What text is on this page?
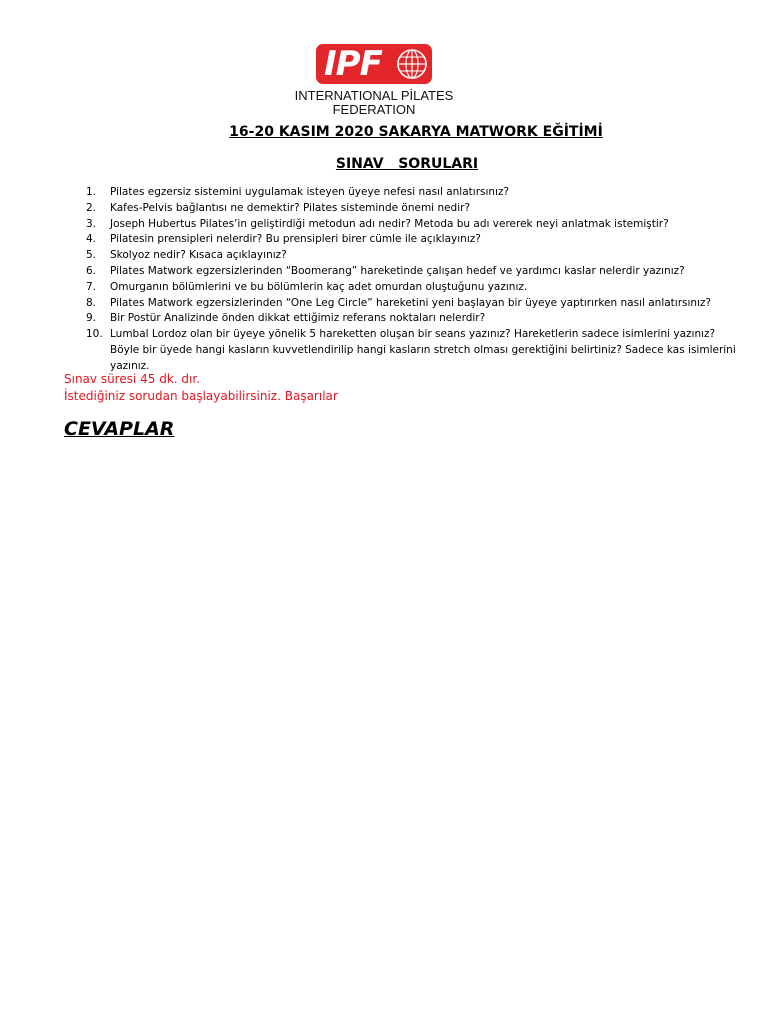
IPF
INTERNATIONAL PİLATES
FEDERATION
16-20 KASIM 2020 SAKARYA MATWORK EĞİTİMİ
SINAV   SORULARI
1.	Pilates egzersiz sistemini uygulamak isteyen üyeye nefesi nasıl anlatırsınız?
2.	Kafes-Pelvis bağlantısı ne demektir? Pilates sisteminde önemi nedir?
3.	Joseph Hubertus Pilates’in geliştirdiği metodun adı nedir? Metoda bu adı vererek neyi anlatmak istemiştir?
4.	Pilatesin prensipleri nelerdir? Bu prensipleri birer cümle ile açıklayınız?
5.	Skolyoz nedir? Kısaca açıklayınız?
6.	Pilates Matwork egzersizlerinden “Boomerang” hareketinde çalışan hedef ve yardımcı kaslar nelerdir yazınız?
7.	Omurganın bölümlerini ve bu bölümlerin kaç adet omurdan oluştuğunu yazınız.
8.	Pilates Matwork egzersizlerinden “One Leg Circle” hareketini yeni başlayan bir üyeye yaptırırken nasıl anlatırsınız?
9.	Bir Postür Analizinde önden dikkat ettiğimiz referans noktaları nelerdir?
10. Lumbal Lordoz olan bir üyeye yönelik 5 hareketten oluşan bir seans yazınız? Hareketlerin sadece isimlerini yazınız? Böyle bir üyede hangi kasların kuvvetlendirilip hangi kasların stretch olması gerektiğini belirtiniz? Sadece kas isimlerini yazınız.
Sınav süresi 45 dk. dır.
İstediğiniz sorudan başlayabilirsiniz. Başarılar
CEVAPLAR
